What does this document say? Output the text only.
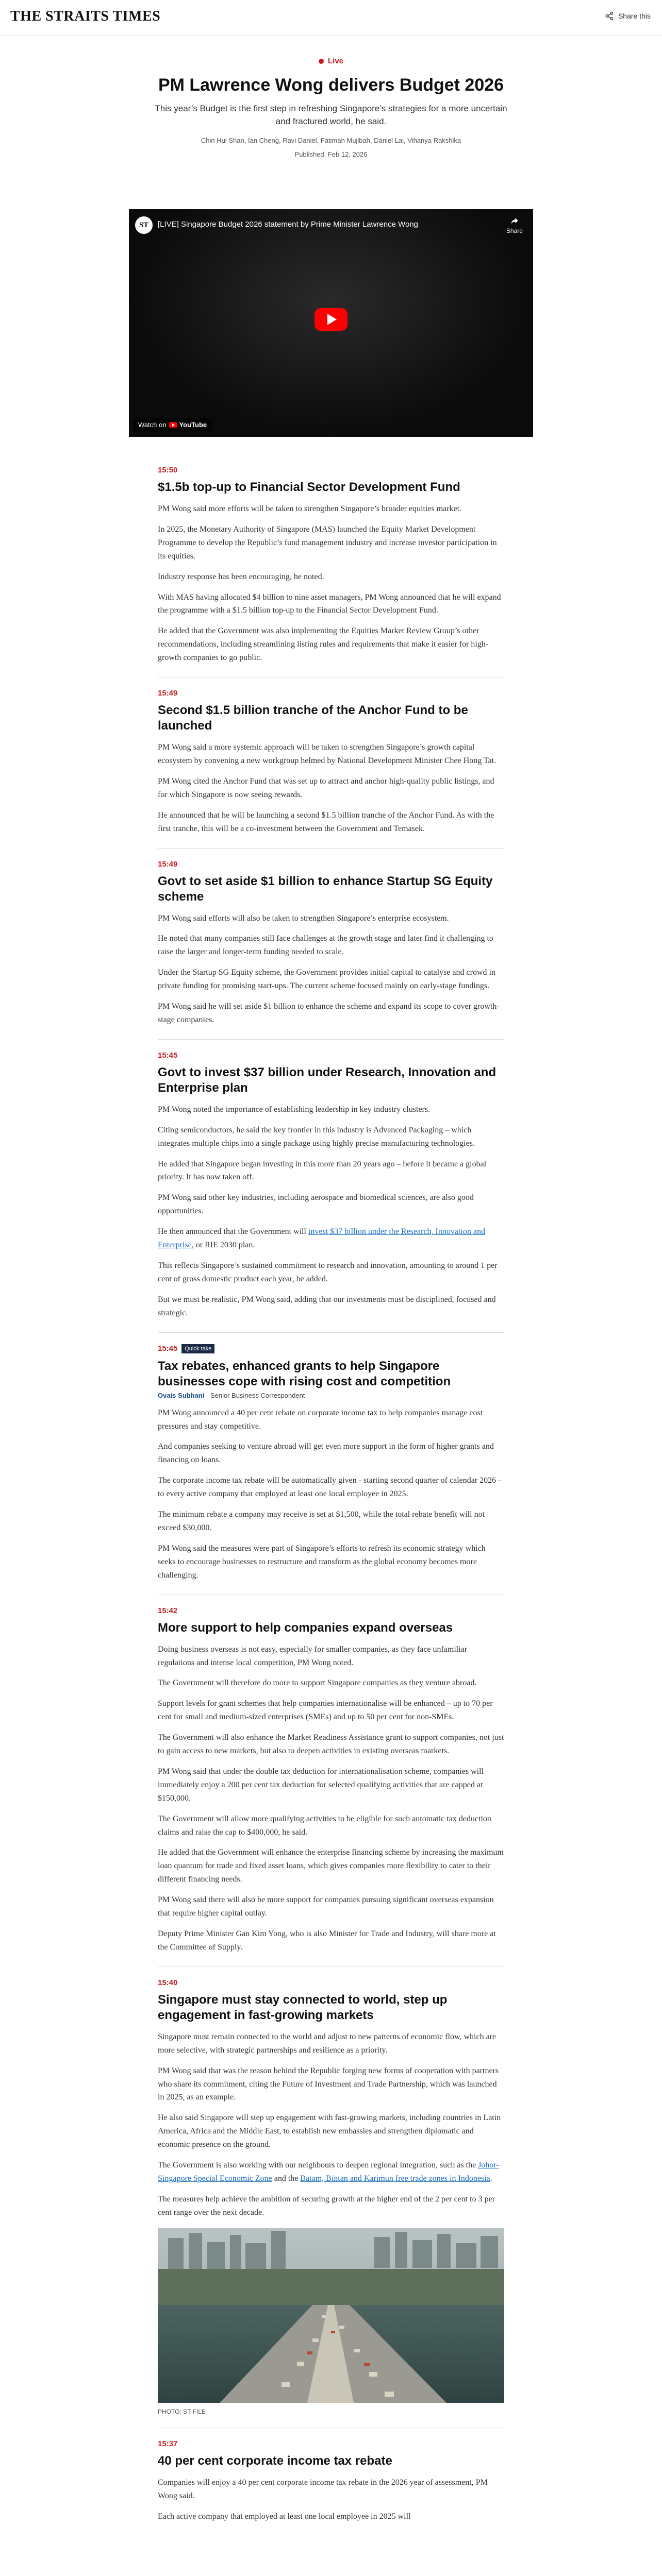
THE STRAITS TIMES	Share this
Live
PM Lawrence Wong delivers Budget 2026

This year’s Budget is the first step in refreshing Singapore’s strategies for a more uncertain and fractured world, he said.

Chin Hui Shan, Ian Cheng, Ravi Daniel, Fatimah Mujibah, Daniel Lai, Vihanya Rakshika

Published: Feb 12, 2026

ST	[LIVE] Singapore Budget 2026 statement by Prime Minister Lawrence Wong
Share
Watch on YouTube
15:50
$1.5b top-up to Financial Sector Development Fund

PM Wong said more efforts will be taken to strengthen Singapore’s broader equities market.

In 2025, the Monetary Authority of Singapore (MAS) launched the Equity Market Development Programme to develop the Republic’s fund management industry and increase investor participation in its equities.

Industry response has been encouraging, he noted.

With MAS having allocated $4 billion to nine asset managers, PM Wong announced that he will expand the programme with a $1.5 billion top-up to the Financial Sector Development Fund.

He added that the Government was also implementing the Equities Market Review Group’s other recommendations, including streamlining listing rules and requirements that make it easier for high-growth companies to go public.

15:49
Second $1.5 billion tranche of the Anchor Fund to be launched

PM Wong said a more systemic approach will be taken to strengthen Singapore’s growth capital ecosystem by convening a new workgroup helmed by National Development Minister Chee Hong Tat.

PM Wong cited the Anchor Fund that was set up to attract and anchor high-quality public listings, and for which Singapore is now seeing rewards.

He announced that he will be launching a second $1.5 billion tranche of the Anchor Fund. As with the first tranche, this will be a co-investment between the Government and Temasek.

15:49
Govt to set aside $1 billion to enhance Startup SG Equity scheme

PM Wong said efforts will also be taken to strengthen Singapore’s enterprise ecosystem.

He noted that many companies still face challenges at the growth stage and later find it challenging to raise the larger and longer-term funding needed to scale.

Under the Startup SG Equity scheme, the Government provides initial capital to catalyse and crowd in private funding for promising start-ups. The current scheme focused mainly on early-stage fundings.

PM Wong said he will set aside $1 billion to enhance the scheme and expand its scope to cover growth-stage companies.

15:45
Govt to invest $37 billion under Research, Innovation and Enterprise plan

PM Wong noted the importance of establishing leadership in key industry clusters.

Citing semiconductors, he said the key frontier in this industry is Advanced Packaging – which integrates multiple chips into a single package using highly precise manufacturing technologies.

He added that Singapore began investing in this more than 20 years ago – before it became a global priority. It has now taken off.

PM Wong said other key industries, including aerospace and biomedical sciences, are also good opportunities.

He then announced that the Government will invest $37 billion under the Research, Innovation and Enterprise, or RIE 2030 plan.

This reflects Singapore’s sustained commitment to research and innovation, amounting to around 1 per cent of gross domestic product each year, he added.

But we must be realistic, PM Wong said, adding that our investments must be disciplined, focused and strategic.

15:45	Quick take
Tax rebates, enhanced grants to help Singapore businesses cope with rising cost and competition
Ovais Subhani Senior Business Correspondent

PM Wong announced a 40 per cent rebate on corporate income tax to help companies manage cost pressures and stay competitive.

And companies seeking to venture abroad will get even more support in the form of higher grants and financing on loans.

The corporate income tax rebate will be automatically given - starting second quarter of calendar 2026 - to every active company that employed at least one local employee in 2025.

The minimum rebate a company may receive is set at $1,500, while the total rebate benefit will not exceed $30,000.

PM Wong said the measures were part of Singapore’s efforts to refresh its economic strategy which seeks to encourage businesses to restructure and transform as the global economy becomes more challenging.

15:42
More support to help companies expand overseas

Doing business overseas is not easy, especially for smaller companies, as they face unfamiliar regulations and intense local competition, PM Wong noted.

The Government will therefore do more to support Singapore companies as they venture abroad.

Support levels for grant schemes that help companies internationalise will be enhanced – up to 70 per cent for small and medium-sized enterprises (SMEs) and up to 50 per cent for non-SMEs.

The Government will also enhance the Market Readiness Assistance grant to support companies, not just to gain access to new markets, but also to deepen activities in existing overseas markets.

PM Wong said that under the double tax deduction for internationalisation scheme, companies will immediately enjoy a 200 per cent tax deduction for selected qualifying activities that are capped at $150,000.

The Government will allow more qualifying activities to be eligible for such automatic tax deduction claims and raise the cap to $400,000, he said.

He added that the Government will enhance the enterprise financing scheme by increasing the maximum loan quantum for trade and fixed asset loans, which gives companies more flexibility to cater to their different financing needs.

PM Wong said there will also be more support for companies pursuing significant overseas expansion that require higher capital outlay.

Deputy Prime Minister Gan Kim Yong, who is also Minister for Trade and Industry, will share more at the Committee of Supply.

15:40
Singapore must stay connected to world, step up engagement in fast-growing markets

Singapore must remain connected to the world and adjust to new patterns of economic flow, which are more selective, with strategic partnerships and resilience as a priority.

PM Wong said that was the reason behind the Republic forging new forms of cooperation with partners who share its commitment, citing the Future of Investment and Trade Partnership, which was launched in 2025, as an example.

He also said Singapore will step up engagement with fast-growing markets, including countries in Latin America, Africa and the Middle East, to establish new embassies and strengthen diplomatic and economic presence on the ground.

The Government is also working with our neighbours to deepen regional integration, such as the Johor-Singapore Special Economic Zone and the Batam, Bintan and Karimun free trade zones in Indonesia.

The measures help achieve the ambition of securing growth at the higher end of the 2 per cent to 3 per cent range over the next decade.

PHOTO: ST FILE
15:37
40 per cent corporate income tax rebate

Companies will enjoy a 40 per cent corporate income tax rebate in the 2026 year of assessment, PM Wong said.

Each active company that employed at least one local employee in 2025 will
